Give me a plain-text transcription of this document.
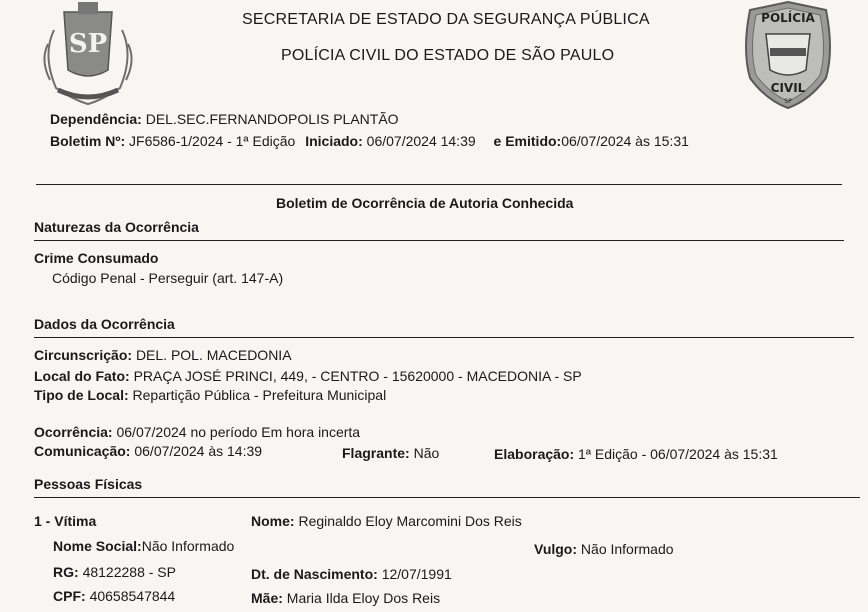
SP
POLÍCIA
CIVIL
SP
SECRETARIA DE ESTADO DA SEGURANÇA PÚBLICA
POLÍCIA CIVIL DO ESTADO DE SÃO PAULO
Dependência: DEL.SEC.FERNANDOPOLIS PLANTÃO
Boletim Nº: JF6586-1/2024 - 1ª Edição Iniciado: 06/07/2024 14:39 e Emitido:06/07/2024 às 15:31
Boletim de Ocorrência de Autoria Conhecida
Naturezas da Ocorrência
Crime Consumado
Código Penal - Perseguir (art. 147-A)
Dados da Ocorrência
Circunscrição: DEL. POL. MACEDONIA
Local do Fato: PRAÇA JOSÉ PRINCI, 449, - CENTRO - 15620000 - MACEDONIA - SP
Tipo de Local: Repartição Pública - Prefeitura Municipal
Ocorrência: 06/07/2024 no período Em hora incerta
Comunicação: 06/07/2024 às 14:39	Flagrante: Não	Elaboração: 1ª Edição - 06/07/2024 às 15:31
Pessoas Físicas
1 - Vítima	Nome: Reginaldo Eloy Marcomini Dos Reis
Nome Social:Não Informado	Vulgo: Não Informado
RG: 48122288 - SP	Dt. de Nascimento: 12/07/1991
CPF: 40658547844	Mãe: Maria Ilda Eloy Dos Reis
